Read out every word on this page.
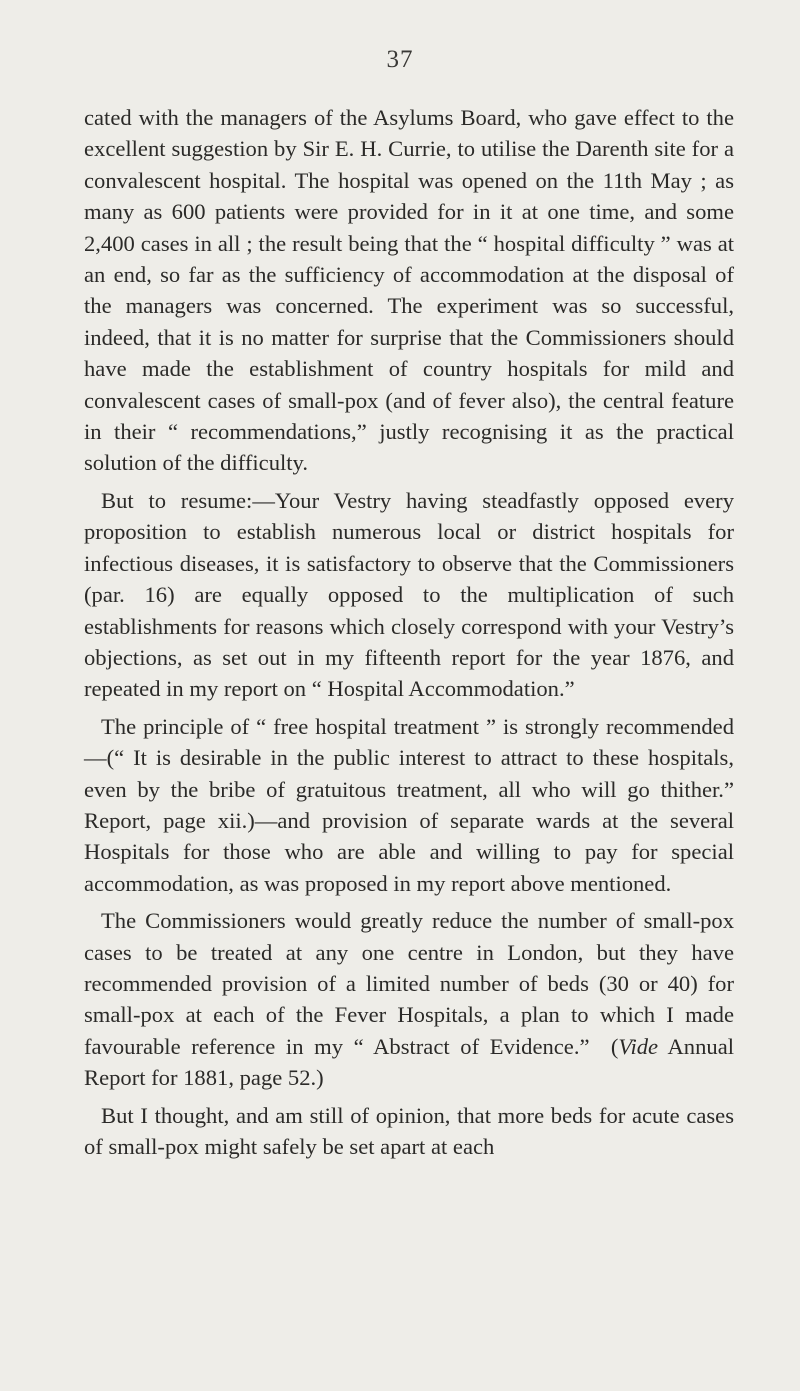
37

cated with the managers of the Asylums Board, who gave effect to the excellent suggestion by Sir E. H. Currie, to utilise the Darenth site for a convalescent hospital. The hospital was opened on the 11th May ; as many as 600 patients were provided for in it at one time, and some 2,400 cases in all ; the result being that the “ hospital difficulty ” was at an end, so far as the sufficiency of accommodation at the disposal of the managers was concerned. The experiment was so successful, indeed, that it is no matter for surprise that the Commissioners should have made the establishment of country hospitals for mild and convalescent cases of small-pox (and of fever also), the central feature in their “ recommendations,” justly recognising it as the practical solution of the difficulty.

But to resume:—Your Vestry having steadfastly opposed every proposition to establish numerous local or district hospitals for infectious diseases, it is satisfactory to observe that the Commissioners (par. 16) are equally opposed to the multiplication of such establishments for reasons which closely correspond with your Vestry’s objections, as set out in my fifteenth report for the year 1876, and repeated in my report on “ Hospital Accommodation.”

The principle of “ free hospital treatment ” is strongly recommended—(“ It is desirable in the public interest to attract to these hospitals, even by the bribe of gratuitous treatment, all who will go thither.” Report, page xii.)—and provision of separate wards at the several Hospitals for those who are able and willing to pay for special accommodation, as was proposed in my report above mentioned.

The Commissioners would greatly reduce the number of small-pox cases to be treated at any one centre in London, but they have recommended provision of a limited number of beds (30 or 40) for small-pox at each of the Fever Hospitals, a plan to which I made favourable reference in my “ Abstract of Evidence.” (Vide Annual Report for 1881, page 52.)

But I thought, and am still of opinion, that more beds for acute cases of small-pox might safely be set apart at each
